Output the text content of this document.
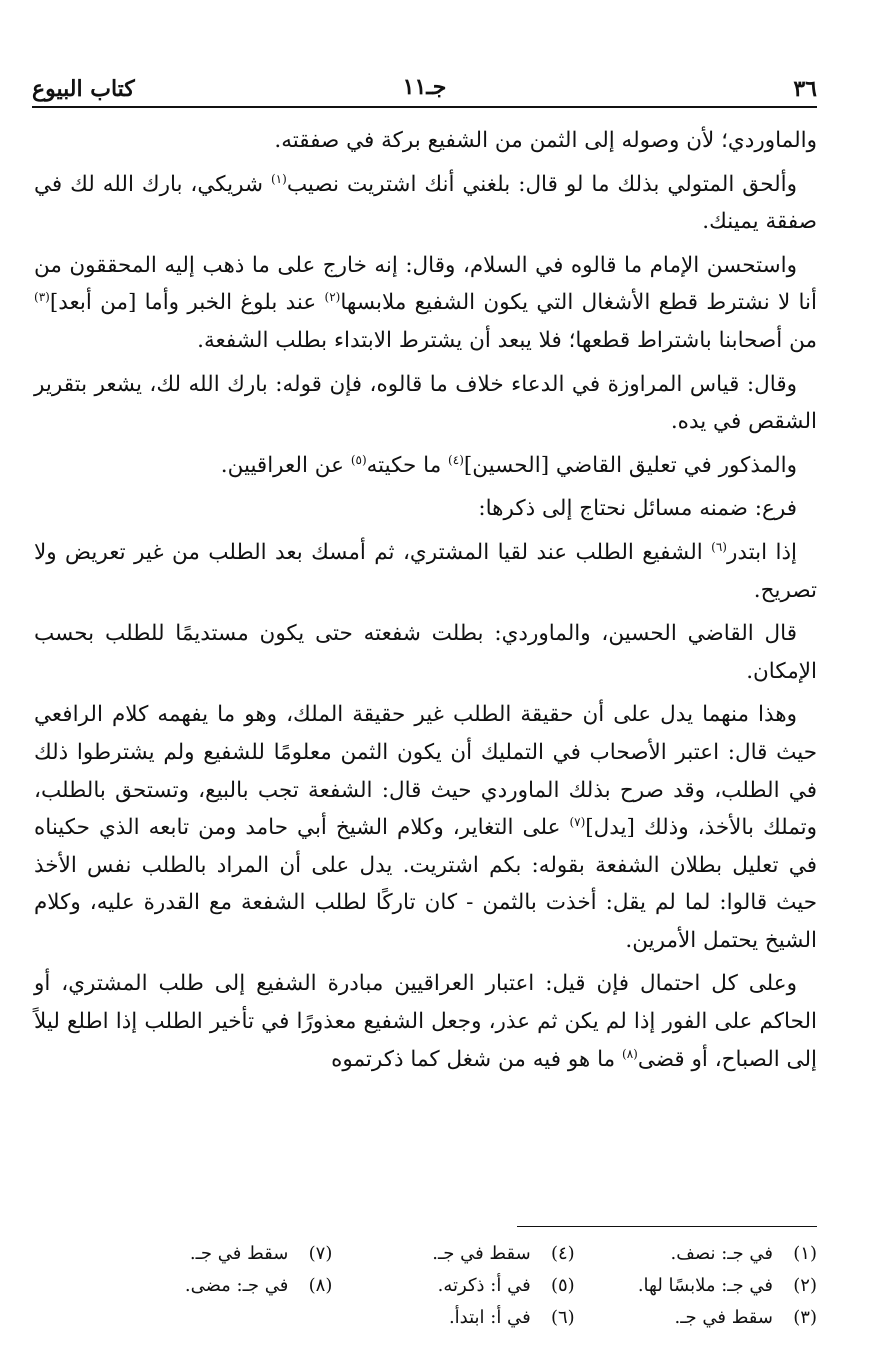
٣٦
جـ١١
كتاب البيوع

والماوردي؛ لأن وصوله إلى الثمن من الشفيع بركة في صفقته.

وألحق المتولي بذلك ما لو قال: بلغني أنك اشتريت نصيب$^{(١)}$ شريكي، بارك الله لك في صفقة يمينك.

واستحسن الإمام ما قالوه في السلام، وقال: إنه خارج على ما ذهب إليه المحققون من أنا لا نشترط قطع الأشغال التي يكون الشفيع ملابسها$^{(٢)}$ عند بلوغ الخبر وأما [من أبعد]$^{(٣)}$ من أصحابنا باشتراط قطعها؛ فلا يبعد أن يشترط الابتداء بطلب الشفعة.

وقال: قياس المراوزة في الدعاء خلاف ما قالوه، فإن قوله: بارك الله لك، يشعر بتقرير الشقص في يده.

والمذكور في تعليق القاضي [الحسين]$^{(٤)}$ ما حكيته$^{(٥)}$ عن العراقيين.

فرع: ضمنه مسائل نحتاج إلى ذكرها:

إذا ابتدر$^{(٦)}$ الشفيع الطلب عند لقيا المشتري، ثم أمسك بعد الطلب من غير تعريض ولا تصريح.

قال القاضي الحسين، والماوردي: بطلت شفعته حتى يكون مستديمًا للطلب بحسب الإمكان.

وهذا منهما يدل على أن حقيقة الطلب غير حقيقة الملك، وهو ما يفهمه كلام الرافعي حيث قال: اعتبر الأصحاب في التمليك أن يكون الثمن معلومًا للشفيع ولم يشترطوا ذلك في الطلب، وقد صرح بذلك الماوردي حيث قال: الشفعة تجب بالبيع، وتستحق بالطلب، وتملك بالأخذ، وذلك [يدل]$^{(٧)}$ على التغاير، وكلام الشيخ أبي حامد ومن تابعه الذي حكيناه في تعليل بطلان الشفعة بقوله: بكم اشتريت. يدل على أن المراد بالطلب نفس الأخذ حيث قالوا: لما لم يقل: أخذت بالثمن - كان تاركًا لطلب الشفعة مع القدرة عليه، وكلام الشيخ يحتمل الأمرين.

وعلى كل احتمال فإن قيل: اعتبار العراقيين مبادرة الشفيع إلى طلب المشتري، أو الحاكم على الفور إذا لم يكن ثم عذر، وجعل الشفيع معذورًا في تأخير الطلب إذا اطلع ليلاً إلى الصباح، أو قضى$^{(٨)}$ ما هو فيه من شغل كما ذكرتموه

(١)في جـ: نصف.
(٢)في جـ: ملابسًا لها.
(٣)سقط في جـ.
(٤)سقط في جـ.
(٥)في أ: ذكرته.
(٦)في أ: ابتدأ.
(٧)سقط في جـ.
(٨)في جـ: مضى.
